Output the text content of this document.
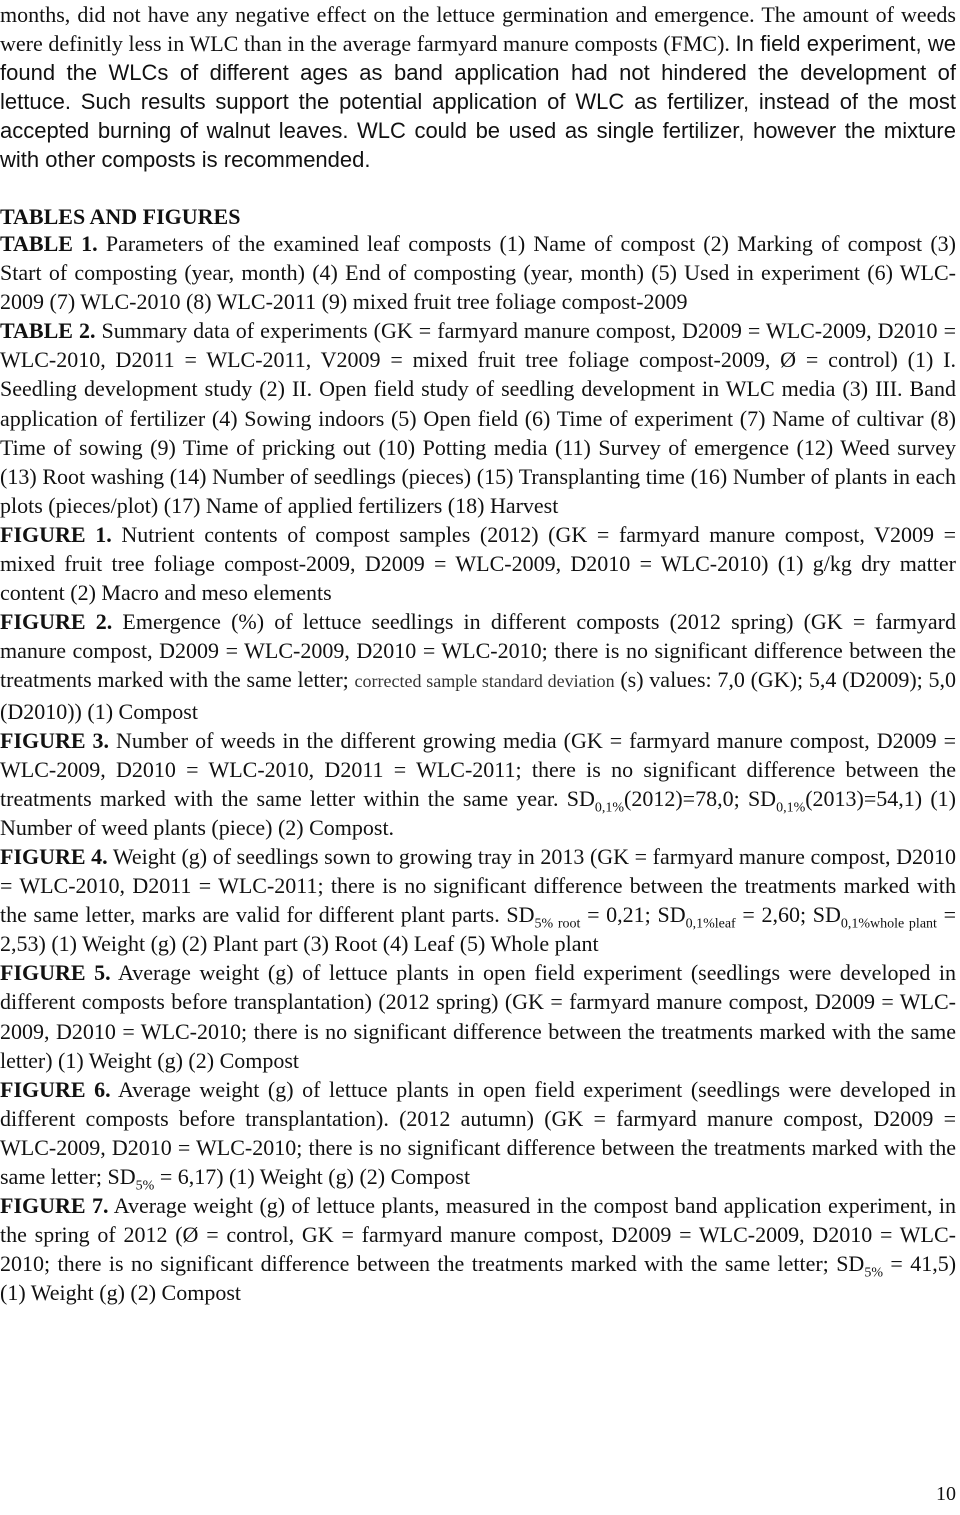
months, did not have any negative effect on the lettuce germination and emergence. The amount of weeds were definitly less in WLC than in the average farmyard manure composts (FMC). In field experiment, we found the WLCs of different ages as band application had not hindered the development of lettuce. Such results support the potential application of WLC as fertilizer, instead of the most accepted burning of walnut leaves. WLC could be used as single fertilizer, however the mixture with other composts is recommended.
TABLES AND FIGURES

TABLE 1. Parameters of the examined leaf composts (1) Name of compost (2) Marking of compost (3) Start of composting (year, month) (4) End of composting (year, month) (5) Used in experiment (6) WLC-2009 (7) WLC-2010 (8) WLC-2011 (9) mixed fruit tree foliage compost-2009

TABLE 2. Summary data of experiments (GK = farmyard manure compost, D2009 = WLC-2009, D2010 = WLC-2010, D2011 = WLC-2011, V2009 = mixed fruit tree foliage compost-2009, Ø = control) (1) I. Seedling development study (2) II. Open field study of seedling development in WLC media (3) III. Band application of fertilizer (4) Sowing indoors (5) Open field (6) Time of experiment (7) Name of cultivar (8) Time of sowing (9) Time of pricking out (10) Potting media (11) Survey of emergence (12) Weed survey (13) Root washing (14) Number of seedlings (pieces) (15) Transplanting time (16) Number of plants in each plots (pieces/plot) (17) Name of applied fertilizers (18) Harvest

FIGURE 1. Nutrient contents of compost samples (2012) (GK = farmyard manure compost, V2009 = mixed fruit tree foliage compost-2009, D2009 = WLC-2009, D2010 = WLC-2010) (1) g/kg dry matter content (2) Macro and meso elements

FIGURE 2. Emergence (%) of lettuce seedlings in different composts (2012 spring) (GK = farmyard manure compost, D2009 = WLC-2009, D2010 = WLC-2010; there is no significant difference between the treatments marked with the same letter; corrected sample standard deviation (s) values: 7,0 (GK); 5,4 (D2009); 5,0 (D2010)) (1) Compost

FIGURE 3. Number of weeds in the different growing media (GK = farmyard manure compost, D2009 = WLC-2009, D2010 = WLC-2010, D2011 = WLC-2011; there is no significant difference between the treatments marked with the same letter within the same year. $SD_{0,1\%}(2012)=78,0$; $SD_{0,1\%}(2013)=54,1$) (1) Number of weed plants (piece) (2) Compost.

FIGURE 4. Weight (g) of seedlings sown to growing tray in 2013 (GK = farmyard manure compost, D2010 = WLC-2010, D2011 = WLC-2011; there is no significant difference between the treatments marked with the same letter, marks are valid for different plant parts. $SD_{5\% root} = 0,21$; $SD_{0,1\%leaf} = 2,60$; $SD_{0,1\%whole plant} = 2,53$) (1) Weight (g) (2) Plant part (3) Root (4) Leaf (5) Whole plant

FIGURE 5. Average weight (g) of lettuce plants in open field experiment (seedlings were developed in different composts before transplantation) (2012 spring) (GK = farmyard manure compost, D2009 = WLC-2009, D2010 = WLC-2010; there is no significant difference between the treatments marked with the same letter) (1) Weight (g) (2) Compost

FIGURE 6. Average weight (g) of lettuce plants in open field experiment (seedlings were developed in different composts before transplantation). (2012 autumn) (GK = farmyard manure compost, D2009 = WLC-2009, D2010 = WLC-2010; there is no significant difference between the treatments marked with the same letter; $SD_{5\%} = 6,17$) (1) Weight (g) (2) Compost

FIGURE 7. Average weight (g) of lettuce plants, measured in the compost band application experiment, in the spring of 2012 (Ø = control, GK = farmyard manure compost, D2009 = WLC-2009, D2010 = WLC-2010; there is no significant difference between the treatments marked with the same letter; $SD_{5\%} = 41,5$) (1) Weight (g) (2) Compost

10
